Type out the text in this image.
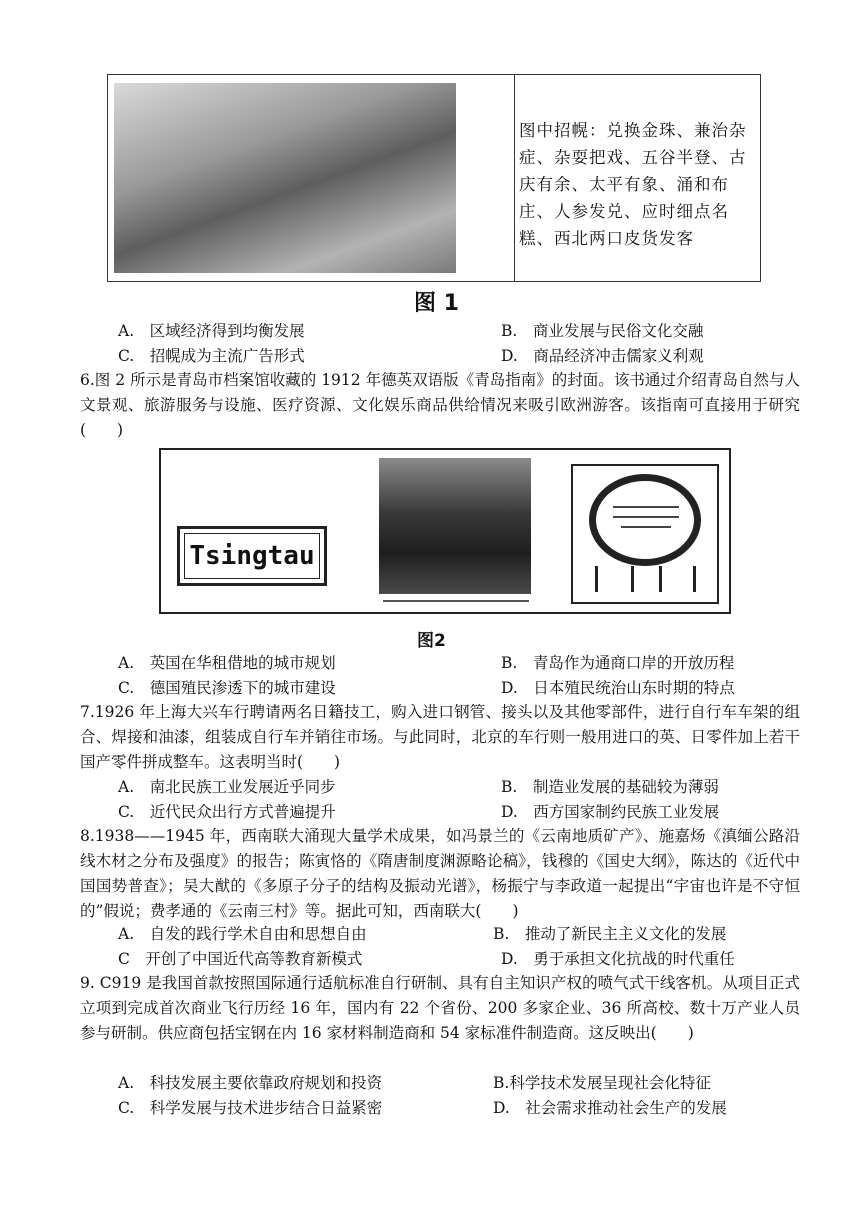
图中招幌：兑换金珠、兼治杂症、杂耍把戏、五谷半登、古庆有余、太平有象、涌和布庄、人参发兑、应时细点名糕、西北两口皮货发客
图 1
A.　区域经济得到均衡发展	B.　商业发展与民俗文化交融
C.　招幌成为主流广告形式	D.　商品经济冲击儒家义利观
6.图 2 所示是青岛市档案馆收藏的 1912 年德英双语版《青岛指南》的封面。该书通过介绍青岛自然与人文景观、旅游服务与设施、医疗资源、文化娱乐商品供给情况来吸引欧洲游客。该指南可直接用于研究(　　)
Tsingtau
图2
A.　英国在华租借地的城市规划	B.　青岛作为通商口岸的开放历程
C.　德国殖民渗透下的城市建设	D.　日本殖民统治山东时期的特点
7.1926 年上海大兴车行聘请两名日籍技工，购入进口钢管、接头以及其他零部件，进行自行车车架的组合、焊接和油漆，组装成自行车并销往市场。与此同时，北京的车行则一般用进口的英、日零件加上若干国产零件拼成整车。这表明当时(　　)
A.　南北民族工业发展近乎同步	B.　制造业发展的基础较为薄弱
C.　近代民众出行方式普遍提升	D.　西方国家制约民族工业发展
8.1938——1945 年，西南联大涌现大量学术成果，如冯景兰的《云南地质矿产》、施嘉炀《滇缅公路沿线木材之分布及强度》的报告；陈寅恪的《隋唐制度渊源略论稿》，钱穆的《国史大纲》，陈达的《近代中国国势普查》；吴大猷的《多原子分子的结构及振动光谱》，杨振宁与李政道一起提出“宇宙也许是不守恒的”假说；费孝通的《云南三村》等。据此可知，西南联大(　　)
A.　自发的践行学术自由和思想自由	B.　推动了新民主主义文化的发展
C　开创了中国近代高等教育新模式	D.　勇于承担文化抗战的时代重任
9. C919 是我国首款按照国际通行适航标准自行研制、具有自主知识产权的喷气式干线客机。从项目正式立项到完成首次商业飞行历经 16 年，国内有 22 个省份、200 多家企业、36 所高校、数十万产业人员参与研制。供应商包括宝钢在内 16 家材料制造商和 54 家标准件制造商。这反映出(　　)
A.　科技发展主要依靠政府规划和投资	B.科学技术发展呈现社会化特征
C.　科学发展与技术进步结合日益紧密	D.　社会需求推动社会生产的发展
